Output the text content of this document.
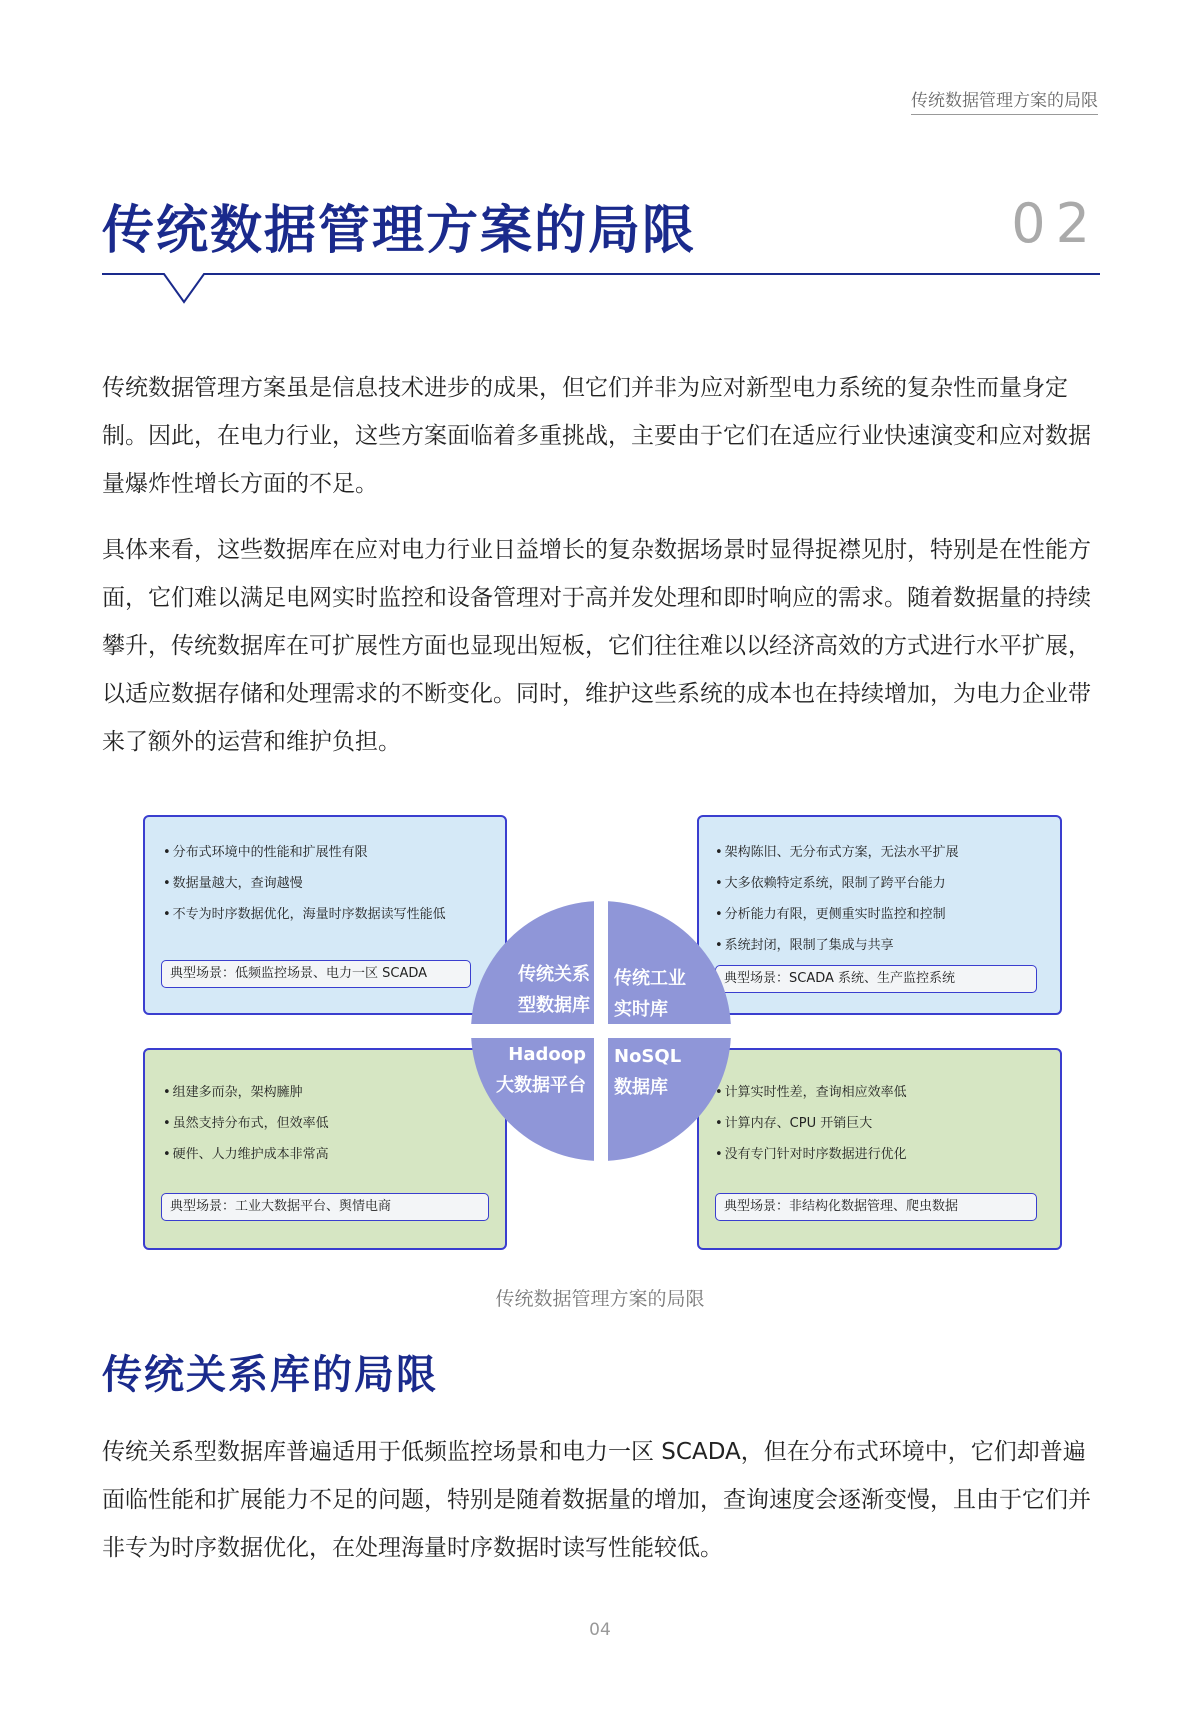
传统数据管理方案的局限
传统数据管理方案的局限	02

传统数据管理方案虽是信息技术进步的成果，但它们并非为应对新型电力系统的复杂性而量身定制。因此，在电力行业，这些方案面临着多重挑战，主要由于它们在适应行业快速演变和应对数据量爆炸性增长方面的不足。

具体来看，这些数据库在应对电力行业日益增长的复杂数据场景时显得捉襟见肘，特别是在性能方面，它们难以满足电网实时监控和设备管理对于高并发处理和即时响应的需求。随着数据量的持续攀升，传统数据库在可扩展性方面也显现出短板，它们往往难以以经济高效的方式进行水平扩展，以适应数据存储和处理需求的不断变化。同时，维护这些系统的成本也在持续增加，为电力企业带来了额外的运营和维护负担。

• 分布式环境中的性能和扩展性有限
• 数据量越大，查询越慢
• 不专为时序数据优化，海量时序数据读写性能低
典型场景：低频监控场景、电力一区 SCADA
• 架构陈旧、无分布式方案，无法水平扩展
• 大多依赖特定系统，限制了跨平台能力
• 分析能力有限，更侧重实时监控和控制
• 系统封闭，限制了集成与共享
典型场景：SCADA 系统、生产监控系统
• 组建多而杂，架构臃肿
• 虽然支持分布式，但效率低
• 硬件、人力维护成本非常高
典型场景：工业大数据平台、舆情电商
• 计算实时性差，查询相应效率低
• 计算内存、CPU 开销巨大
• 没有专门针对时序数据进行优化
典型场景：非结构化数据管理、爬虫数据
传统关系
型数据库
传统工业
实时库
Hadoop
大数据平台
NoSQL
数据库

传统数据管理方案的局限

传统关系库的局限

传统关系型数据库普遍适用于低频监控场景和电力一区 SCADA，但在分布式环境中，它们却普遍面临性能和扩展能力不足的问题，特别是随着数据量的增加，查询速度会逐渐变慢，且由于它们并非专为时序数据优化，在处理海量时序数据时读写性能较低。

04
